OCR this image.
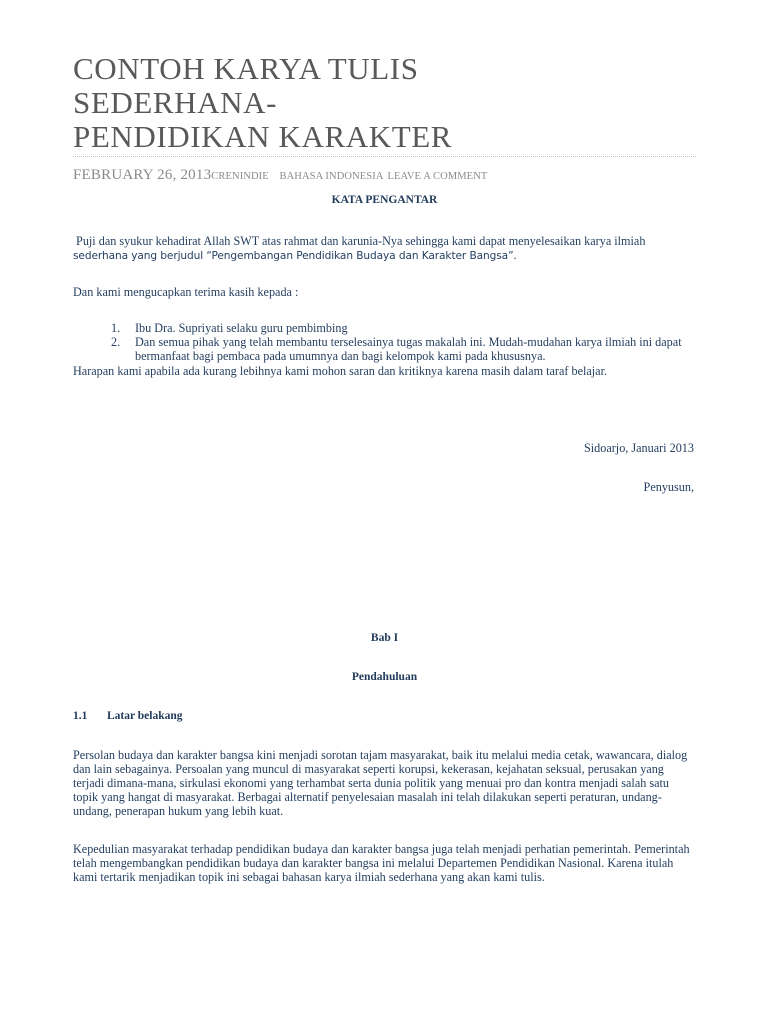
CONTOH KARYA TULIS
SEDERHANA-
PENDIDIKAN KARAKTER
FEBRUARY 26, 2013CRENINDIE BAHASA INDONESIA LEAVE A COMMENT
KATA PENGANTAR
Puji dan syukur kehadirat Allah SWT atas rahmat dan karunia-Nya sehingga kami dapat menyelesaikan karya ilmiah
sederhana yang berjudul “Pengembangan Pendidikan Budaya dan Karakter Bangsa”.
Dan kami mengucapkan terima kasih kepada :
1. Ibu Dra. Supriyati selaku guru pembimbing
2. Dan semua pihak yang telah membantu terselesainya tugas makalah ini. Mudah-mudahan karya ilmiah ini dapat bermanfaat bagi pembaca pada umumnya dan bagi kelompok kami pada khususnya.
Harapan kami apabila ada kurang lebihnya kami mohon saran dan kritiknya karena masih dalam taraf belajar.
Sidoarjo, Januari 2013
Penyusun,
Bab I
Pendahuluan
1.1 Latar belakang
Persolan budaya dan karakter bangsa kini menjadi sorotan tajam masyarakat, baik itu melalui media cetak, wawancara, dialog dan lain sebagainya. Persoalan yang muncul di masyarakat seperti korupsi, kekerasan, kejahatan seksual, perusakan yang terjadi dimana-mana, sirkulasi ekonomi yang terhambat serta dunia politik yang menuai pro dan kontra menjadi salah satu topik yang hangat di masyarakat. Berbagai alternatif penyelesaian masalah ini telah dilakukan seperti peraturan, undang-undang, penerapan hukum yang lebih kuat.
Kepedulian masyarakat terhadap pendidikan budaya dan karakter bangsa juga telah menjadi perhatian pemerintah. Pemerintah telah mengembangkan pendidikan budaya dan karakter bangsa ini melalui Departemen Pendidikan Nasional. Karena itulah kami tertarik menjadikan topik ini sebagai bahasan karya ilmiah sederhana yang akan kami tulis.
